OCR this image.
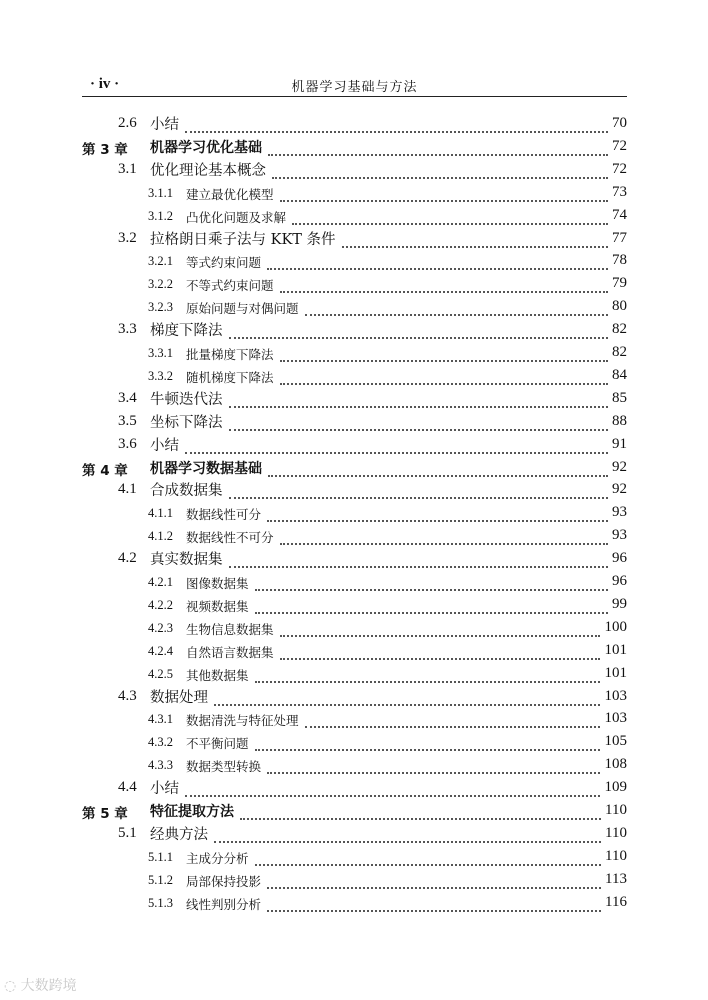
· iv ·	机器学习基础与方法
2.6 小结	70
第 3 章 机器学习优化基础	72
3.1 优化理论基本概念	72
3.1.1 建立最优化模型	73
3.1.2 凸优化问题及求解	74
3.2 拉格朗日乘子法与 KKT 条件	77
3.2.1 等式约束问题	78
3.2.2 不等式约束问题	79
3.2.3 原始问题与对偶问题	80
3.3 梯度下降法	82
3.3.1 批量梯度下降法	82
3.3.2 随机梯度下降法	84
3.4 牛顿迭代法	85
3.5 坐标下降法	88
3.6 小结	91
第 4 章 机器学习数据基础	92
4.1 合成数据集	92
4.1.1 数据线性可分	93
4.1.2 数据线性不可分	93
4.2 真实数据集	96
4.2.1 图像数据集	96
4.2.2 视频数据集	99
4.2.3 生物信息数据集	100
4.2.4 自然语言数据集	101
4.2.5 其他数据集	101
4.3 数据处理	103
4.3.1 数据清洗与特征处理	103
4.3.2 不平衡问题	105
4.3.3 数据类型转换	108
4.4 小结	109
第 5 章 特征提取方法	110
5.1 经典方法	110
5.1.1 主成分分析	110
5.1.2 局部保持投影	113
5.1.3 线性判别分析	116
◌ 大数跨境
